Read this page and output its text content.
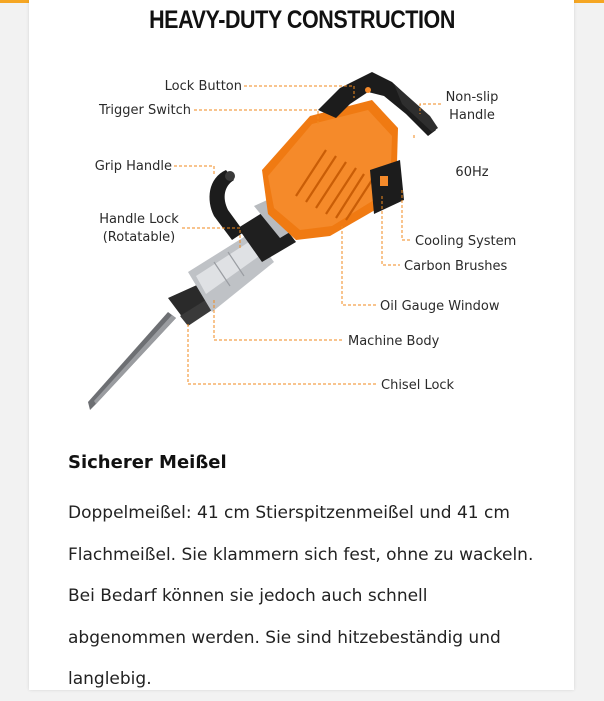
HEAVY-DUTY CONSTRUCTION
Lock Button
Trigger Switch
Grip Handle
Handle Lock
(Rotatable)
Non-slip
Handle
60Hz
Cooling System
Carbon Brushes
Oil Gauge Window
Machine Body
Chisel Lock
Sicherer Meißel

Doppelmeißel: 41 cm Stierspitzenmeißel und 41 cm Flachmeißel. Sie klammern sich fest, ohne zu wackeln. Bei Bedarf können sie jedoch auch schnell abgenommen werden. Sie sind hitzebeständig und langlebig.
